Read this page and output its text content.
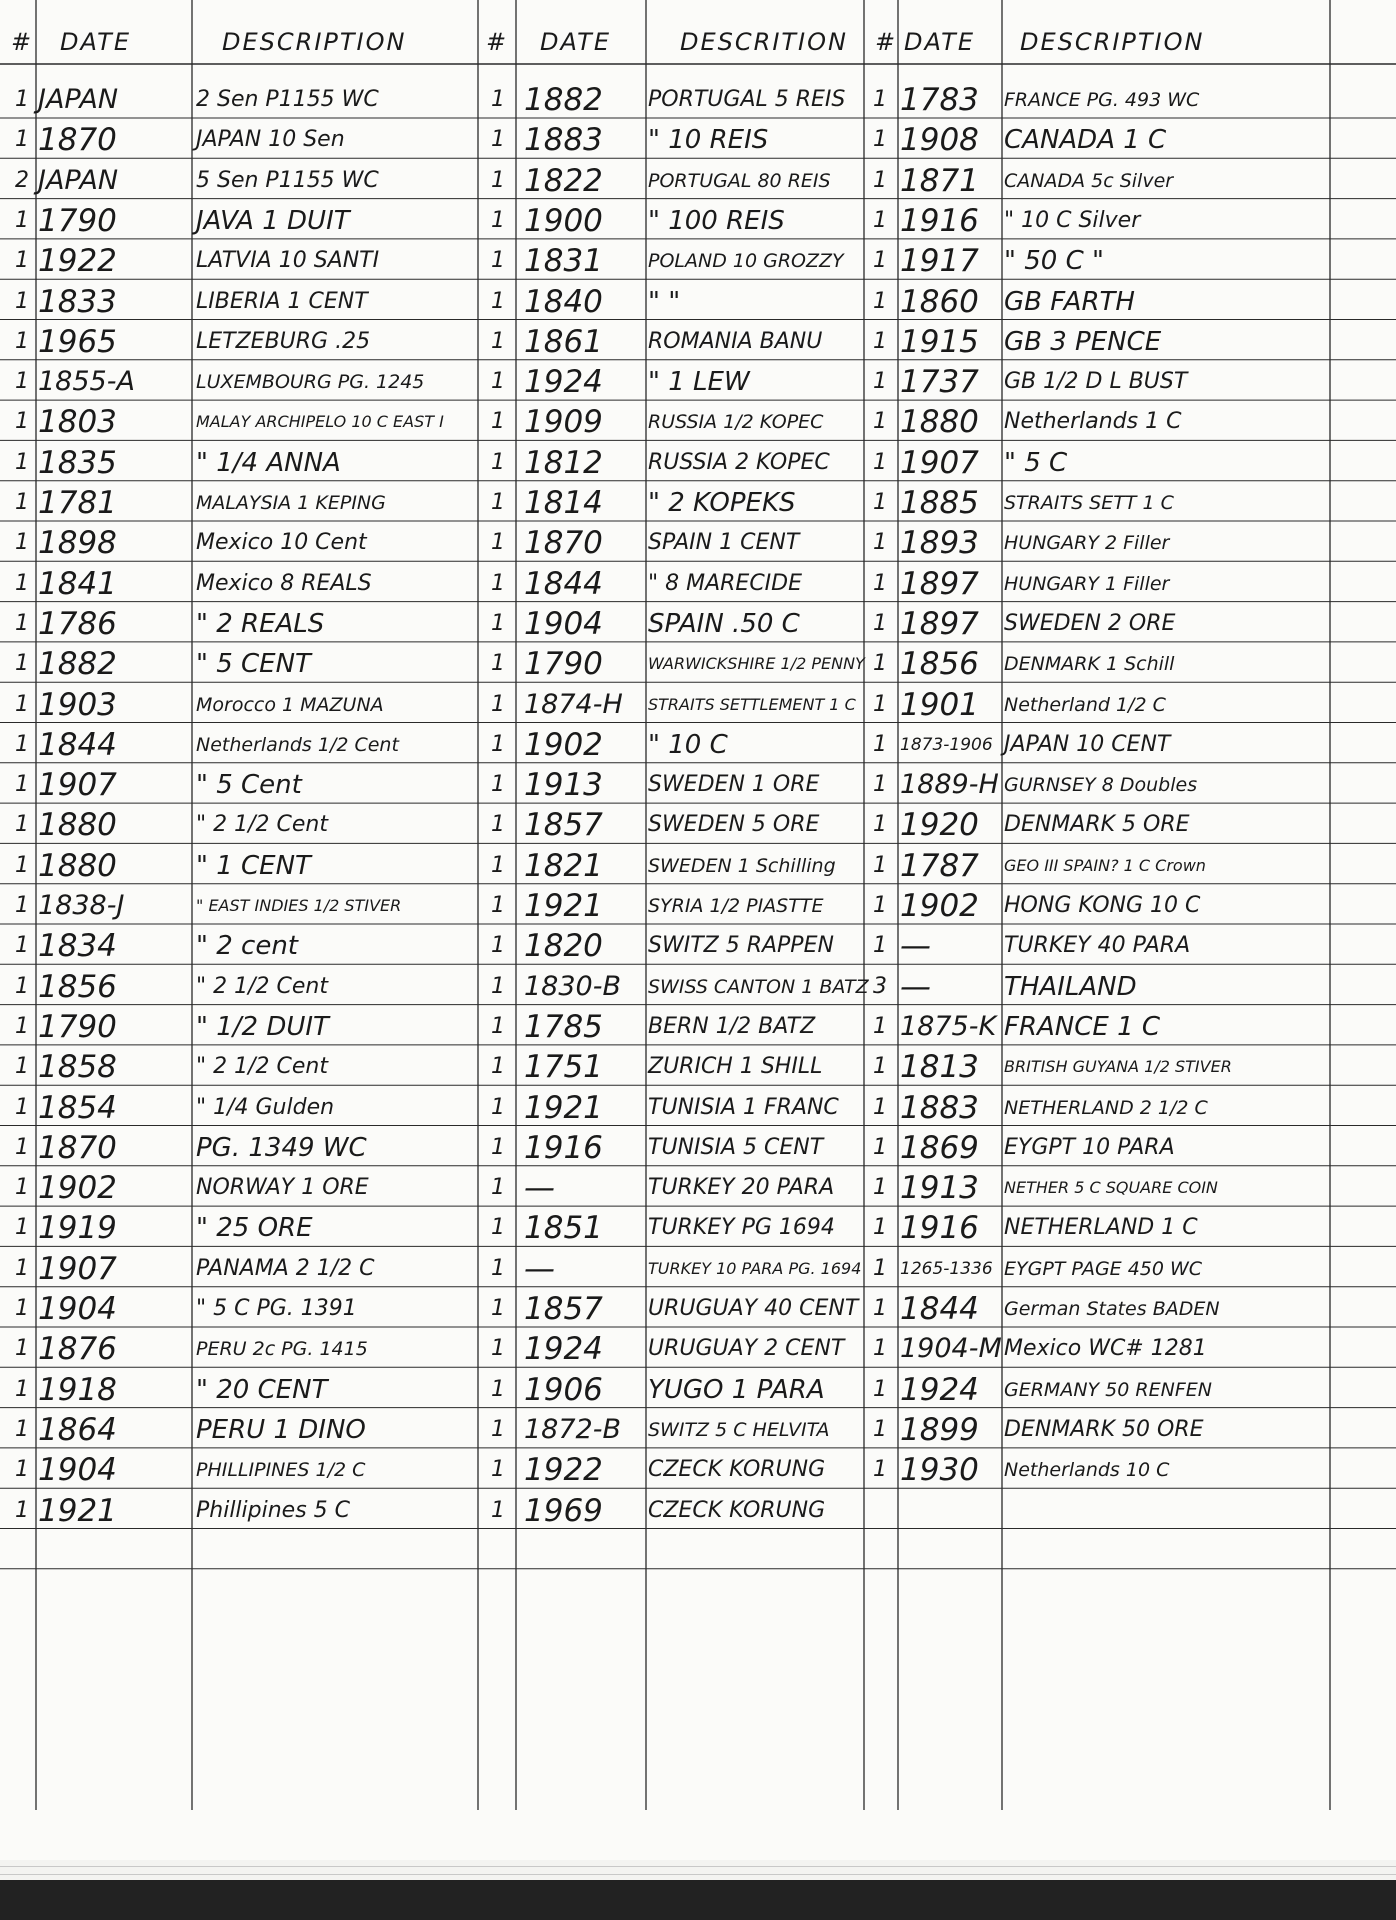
# DATE	DESCRIPTION	# DATE	DESCRITION	# DATE	DESCRIPTION
1 JAPAN	2 Sen P1155 WC
1 1870	JAPAN 10 Sen
2 JAPAN	5 Sen P1155 WC
1 1790	JAVA 1 DUIT
1 1922	LATVIA 10 SANTI
1 1833	LIBERIA 1 CENT
1 1965	LETZEBURG .25
1 1855-A	LUXEMBOURG PG. 1245
1 1803	MALAY ARCHIPELO 10 C EAST I
1 1835	" 1/4 ANNA
1 1781	MALAYSIA 1 KEPING
1 1898	Mexico 10 Cent
1 1841	Mexico 8 REALS
1 1786	" 2 REALS
1 1882	" 5 CENT
1 1903	Morocco 1 MAZUNA
1 1844	Netherlands 1/2 Cent
1 1907	" 5 Cent
1 1880	" 2 1/2 Cent
1 1880	" 1 CENT
1 1838-J	" EAST INDIES 1/2 STIVER
1 1834	" 2 cent
1 1856	" 2 1/2 Cent
1 1790	" 1/2 DUIT
1 1858	" 2 1/2 Cent
1 1854	" 1/4 Gulden
1 1870	PG. 1349 WC
1 1902	NORWAY 1 ORE
1 1919	" 25 ORE
1 1907	PANAMA 2 1/2 C
1 1904	" 5 C PG. 1391
1 1876	PERU 2c PG. 1415
1 1918	" 20 CENT
1 1864	PERU 1 DINO
1 1904	PHILLIPINES 1/2 C
1 1921	Phillipines 5 C
1 1882	PORTUGAL 5 REIS
1 1883	" 10 REIS
1 1822	PORTUGAL 80 REIS
1 1900	" 100 REIS
1 1831	POLAND 10 GROZZY
1 1840	" "
1 1861	ROMANIA BANU
1 1924	" 1 LEW
1 1909	RUSSIA 1/2 KOPEC
1 1812	RUSSIA 2 KOPEC
1 1814	" 2 KOPEKS
1 1870	SPAIN 1 CENT
1 1844	" 8 MARECIDE
1 1904	SPAIN .50 C
1 1790	WARWICKSHIRE 1/2 PENNY
1 1874-H	STRAITS SETTLEMENT 1 C
1 1902	" 10 C
1 1913	SWEDEN 1 ORE
1 1857	SWEDEN 5 ORE
1 1821	SWEDEN 1 Schilling
1 1921	SYRIA 1/2 PIASTTE
1 1820	SWITZ 5 RAPPEN
1 1830-B	SWISS CANTON 1 BATZ
1 1785	BERN 1/2 BATZ
1 1751	ZURICH 1 SHILL
1 1921	TUNISIA 1 FRANC
1 1916	TUNISIA 5 CENT
1 —	TURKEY 20 PARA
1 1851	TURKEY PG 1694
1 —	TURKEY 10 PARA PG. 1694
1 1857	URUGUAY 40 CENT
1 1924	URUGUAY 2 CENT
1 1906	YUGO 1 PARA
1 1872-B	SWITZ 5 C HELVITA
1 1922	CZECK KORUNG
1 1969	CZECK KORUNG
1 1783	FRANCE PG. 493 WC
1 1908 CANADA 1 C
1 1871	CANADA 5c Silver
1 1916	" 10 C Silver
1 1917 " 50 C "
1 1860 GB FARTH
1 1915 GB 3 PENCE
1 1737	GB 1/2 D L BUST
1 1880	Netherlands 1 C
1 1907 " 5 C
1 1885	STRAITS SETT 1 C
1 1893	HUNGARY 2 Filler
1 1897	HUNGARY 1 Filler
1 1897	SWEDEN 2 ORE
1 1856	DENMARK 1 Schill
1 1901	Netherland 1/2 C
1 1873-1906 JAPAN 10 CENT
1 1889-H GURNSEY 8 Doubles
1 1920	DENMARK 5 ORE
1 1787	GEO III SPAIN? 1 C Crown
1 1902	HONG KONG 10 C
1 —	TURKEY 40 PARA
3 —	THAILAND
1 1875-K FRANCE 1 C
1 1813	BRITISH GUYANA 1/2 STIVER
1 1883	NETHERLAND 2 1/2 C
1 1869	EYGPT 10 PARA
1 1913	NETHER 5 C SQUARE COIN
1 1916	NETHERLAND 1 C
1 1265-1336 EYGPT PAGE 450 WC
1 1844	German States BADEN
1 1904-M Mexico WC# 1281
1 1924	GERMANY 50 RENFEN
1 1899	DENMARK 50 ORE
1 1930	Netherlands 10 C
